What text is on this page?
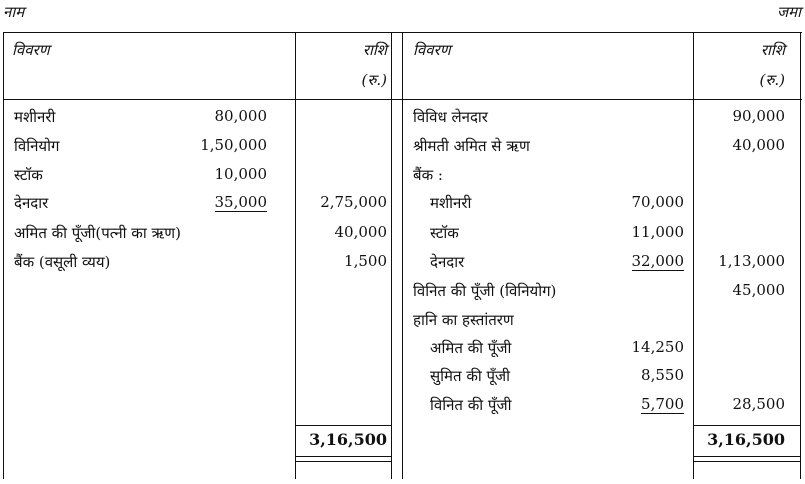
नाम	जमा
विवरण	राशि
(रु.)
विवरण	राशि
(रु.)
मशीनरी	80,000
विनियोग	1,50,000
स्टॉक	10,000
देनदार	35,000	2,75,000
अमित की पूँजी(पत्नी का ऋण)	40,000
बैंक (वसूली व्यय)	1,500
3,16,500
विविध लेनदार	90,000
श्रीमती अमित से ऋण	40,000
बैंक :
मशीनरी	70,000
स्टॉक	11,000
देनदार	32,000 1,13,000
विनित की पूँजी (विनियोग)	45,000
हानि का हस्तांतरण
अमित की पूँजी	14,250
सुमित की पूँजी	8,550
विनित की पूँजी	5,700	28,500
3,16,500
